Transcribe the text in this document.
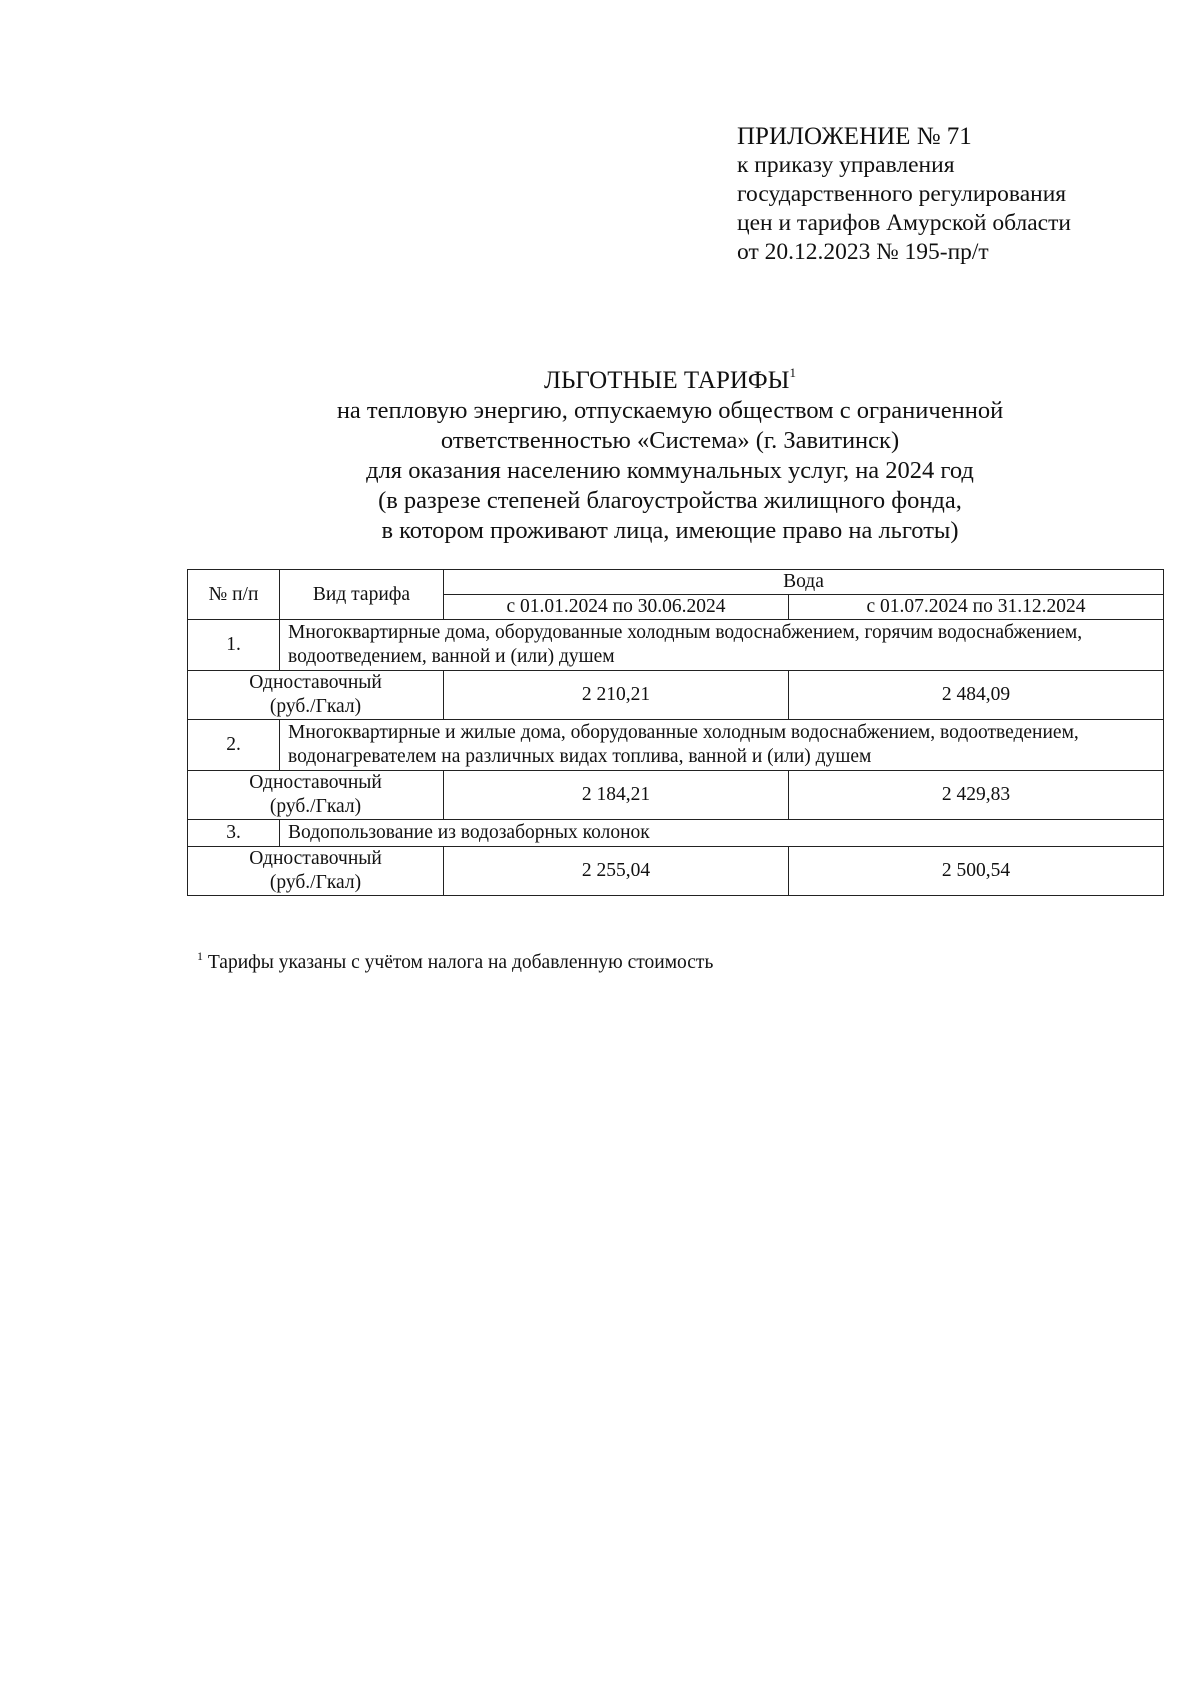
ПРИЛОЖЕНИЕ № 71
к приказу управления
государственного регулирования
цен и тарифов Амурской области
от 20.12.2023 № 195-пр/т
ЛЬГОТНЫЕ ТАРИФЫ$^1$
на тепловую энергию, отпускаемую обществом с ограниченной
ответственностью «Система» (г. Завитинск)
для оказания населению коммунальных услуг, на 2024 год
(в разрезе степеней благоустройства жилищного фонда,
в котором проживают лица, имеющие право на льготы)
№ п/п	Вид тарифа	Вода	
		с 01.01.2024 по 30.06.2024	с 01.07.2024 по 31.12.2024
1.	Многоквартирные дома, оборудованные холодным водоснабжением, горячим водоснабжением, водоотведением, ванной и (или) душем		

Одноставочный
(руб./Гкал)		2 210,21	2 484,09
2.	Многоквартирные и жилые дома, оборудованные холодным водоснабжением, водоотведением, водонагревателем на различных видах топлива, ванной и (или) душем		

Одноставочный
(руб./Гкал)		2 184,21	2 429,83
3.	Водопользование из водозаборных колонок		

Одноставочный
(руб./Гкал)		2 255,04	2 500,54
$^1$ Тарифы указаны с учётом налога на добавленную стоимость
